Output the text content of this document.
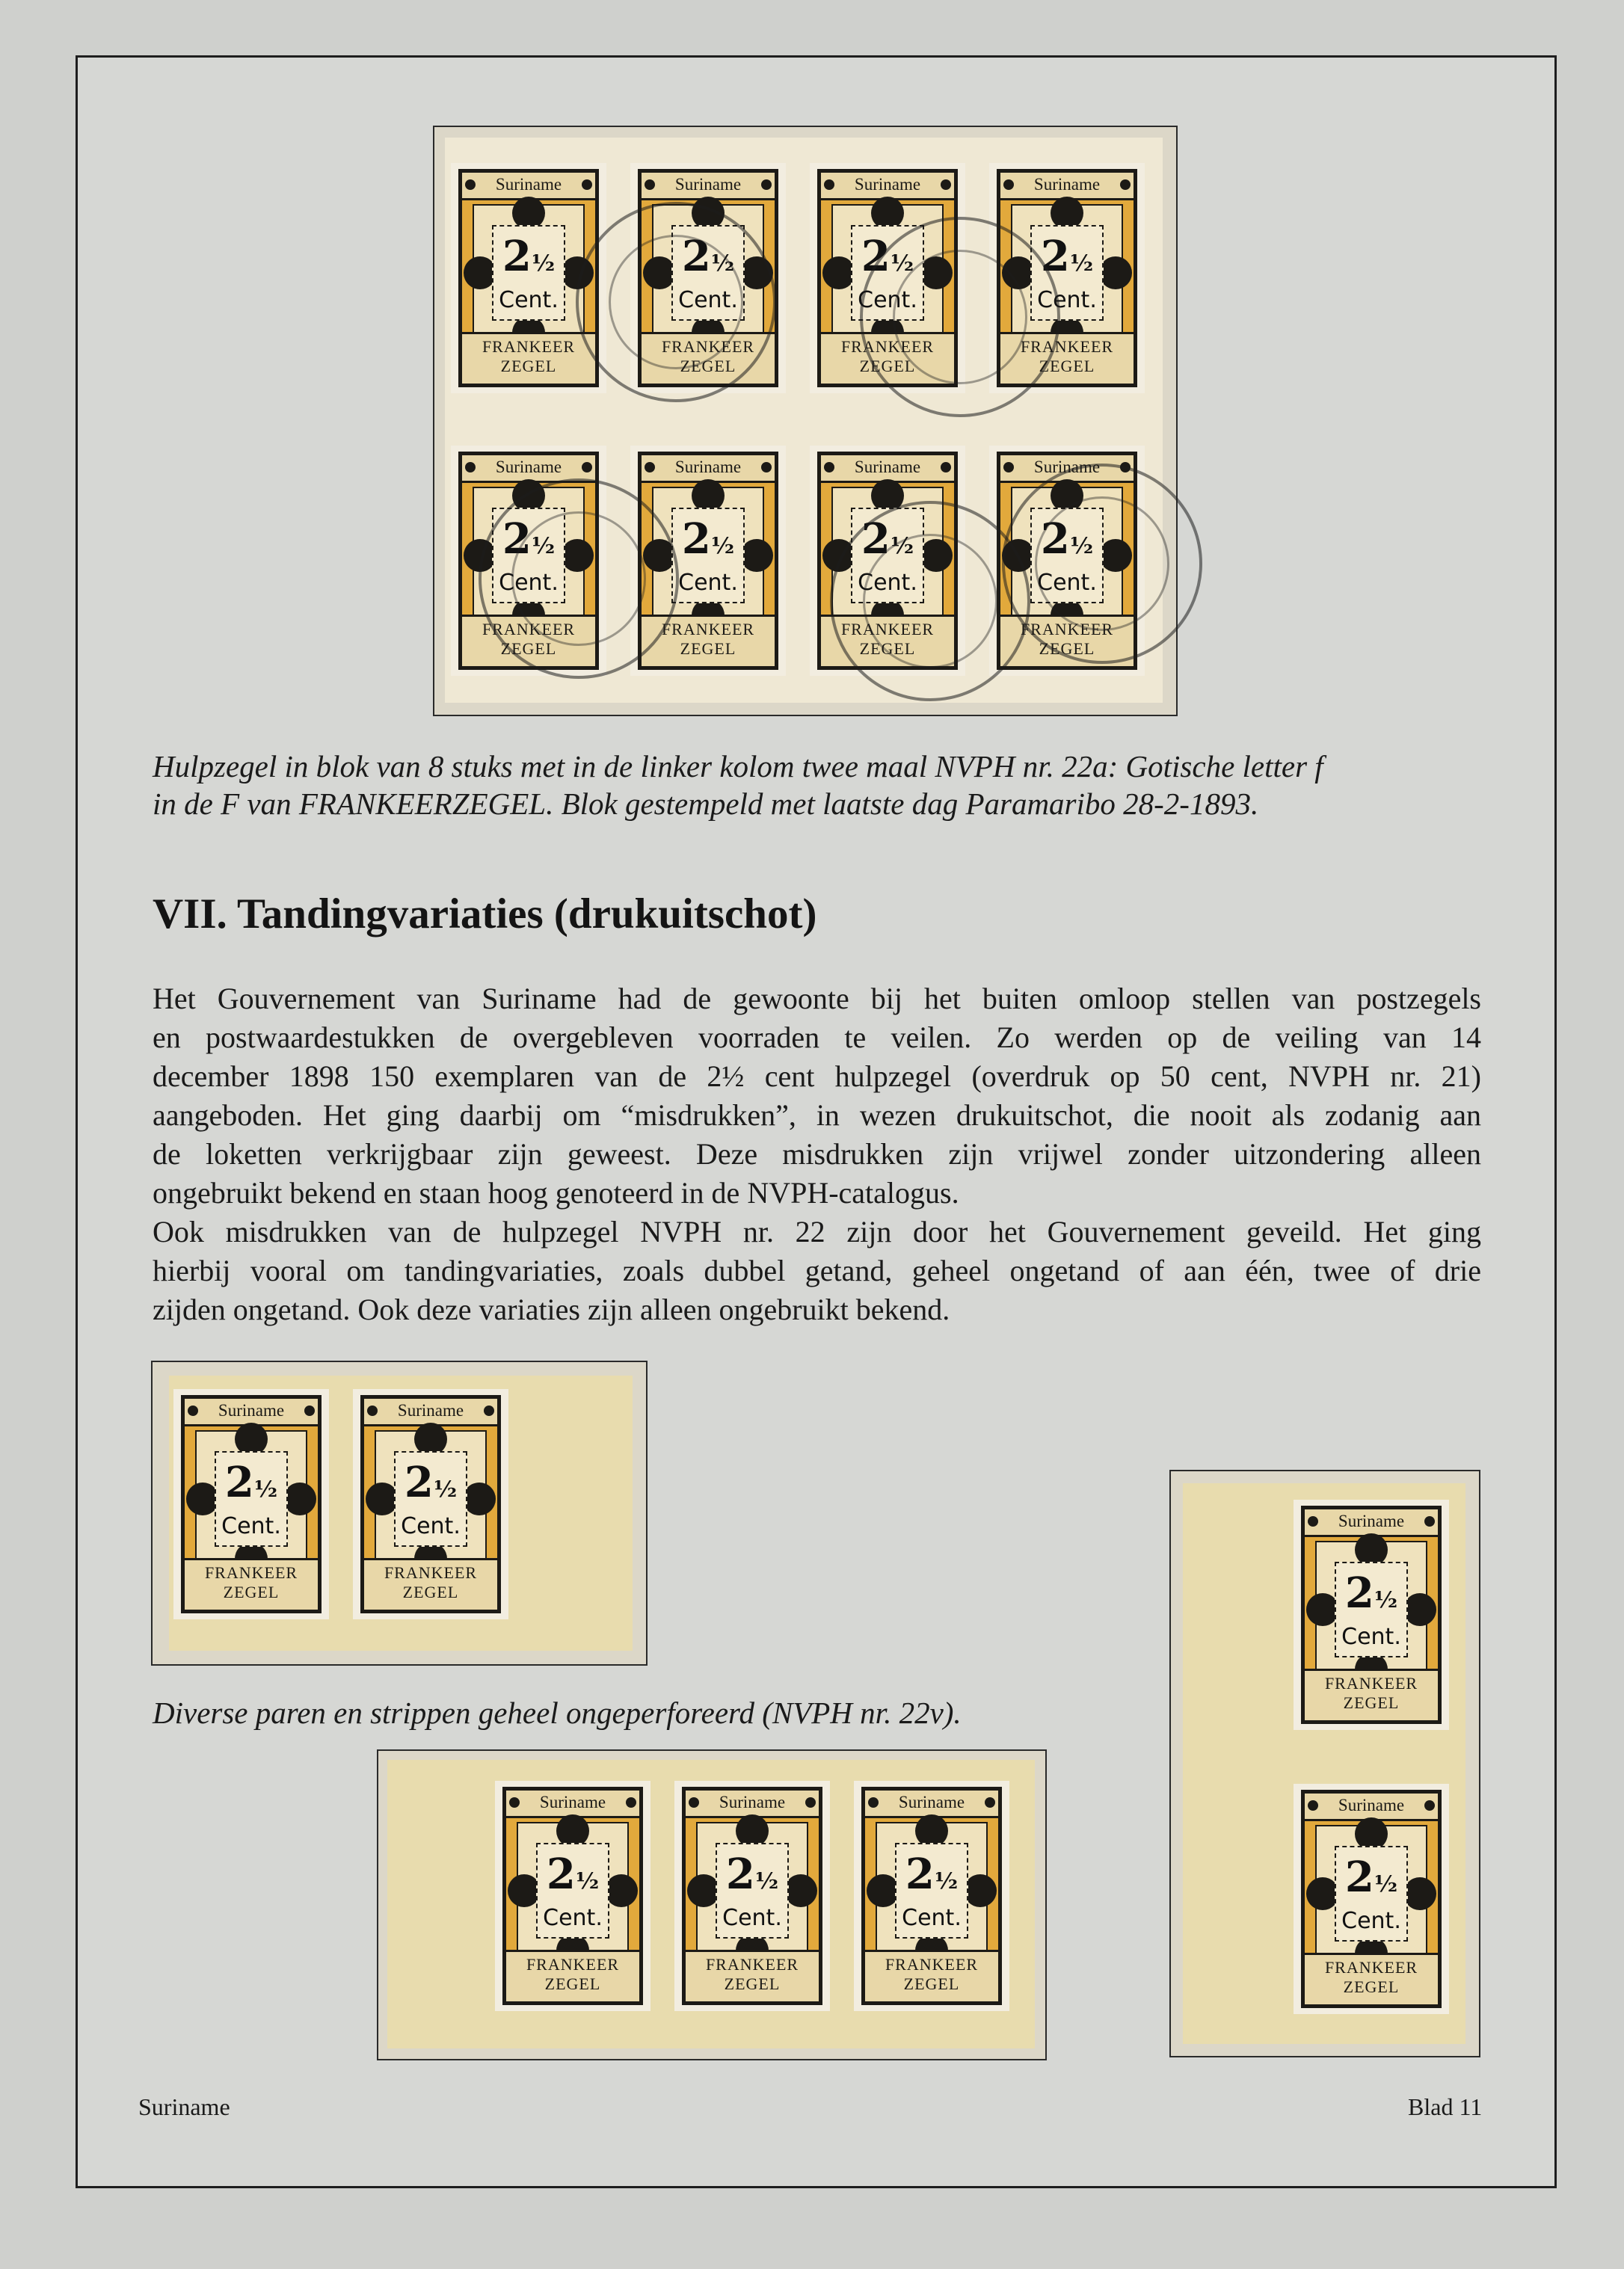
Suriname
2½
Cent.
FRANKEER
ZEGEL
Suriname
2½
Cent.
FRANKEER
ZEGEL
Suriname
2½
Cent.
FRANKEER
ZEGEL
Suriname
2½
Cent.
FRANKEER
ZEGEL
Suriname
2½
Cent.
FRANKEER
ZEGEL
Suriname
2½
Cent.
FRANKEER
ZEGEL
Suriname
2½
Cent.
FRANKEER
ZEGEL
Suriname
2½
Cent.
FRANKEER
ZEGEL
Hulpzegel in blok van 8 stuks met in de linker kolom twee maal NVPH nr. 22a: Gotische letter f
in de F van FRANKEERZEGEL. Blok gestempeld met laatste dag Paramaribo 28-2-1893.
VII. Tandingvariaties (drukuitschot)

Het Gouvernement van Suriname had de gewoonte bij het buiten omloop stellen van postzegels

en postwaardestukken de overgebleven voorraden te veilen. Zo werden op de veiling van 14

december 1898 150 exemplaren van de 2½ cent hulpzegel (overdruk op 50 cent, NVPH nr. 21)

aangeboden. Het ging daarbij om “misdrukken”, in wezen drukuitschot, die nooit als zodanig aan

de loketten verkrijgbaar zijn geweest. Deze misdrukken zijn vrijwel zonder uitzondering alleen

ongebruikt bekend en staan hoog genoteerd in de NVPH-catalogus.

Ook misdrukken van de hulpzegel NVPH nr. 22 zijn door het Gouvernement geveild. Het ging

hierbij vooral om tandingvariaties, zoals dubbel getand, geheel ongetand of aan één, twee of drie

zijden ongetand. Ook deze variaties zijn alleen ongebruikt bekend.

Suriname
2½
Cent.
FRANKEER
ZEGEL
Suriname
2½
Cent.
FRANKEER
ZEGEL
Diverse paren en strippen geheel ongeperforeerd (NVPH nr. 22v).
Suriname
2½
Cent.
FRANKEER
ZEGEL
Suriname
2½
Cent.
FRANKEER
ZEGEL
Suriname
2½
Cent.
FRANKEER
ZEGEL
Suriname
2½
Cent.
FRANKEER
ZEGEL
Suriname
2½
Cent.
FRANKEER
ZEGEL
Suriname	Blad 11
